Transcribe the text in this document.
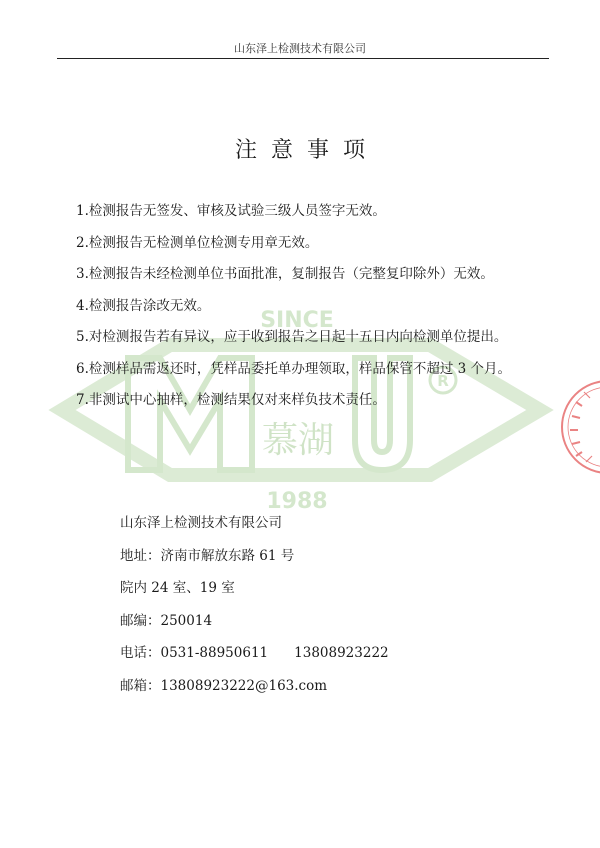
山东泽上检测技术有限公司
SINCE
慕湖
1988
R
注意事项
1.检测报告无签发、审核及试验三级人员签字无效。
2.检测报告无检测单位检测专用章无效。
3.检测报告未经检测单位书面批准，复制报告（完整复印除外）无效。
4.检测报告涂改无效。
5.对检测报告若有异议，应于收到报告之日起十五日内向检测单位提出。
6.检测样品需返还时，凭样品委托单办理领取，样品保管不超过 3 个月。
7.非测试中心抽样，检测结果仅对来样负技术责任。
山东泽上检测技术有限公司
地址：济南市解放东路 61 号
院内 24 室、19 室
邮编：250014
电话：0531-88950611 13808923222
邮箱：13808923222@163.com
